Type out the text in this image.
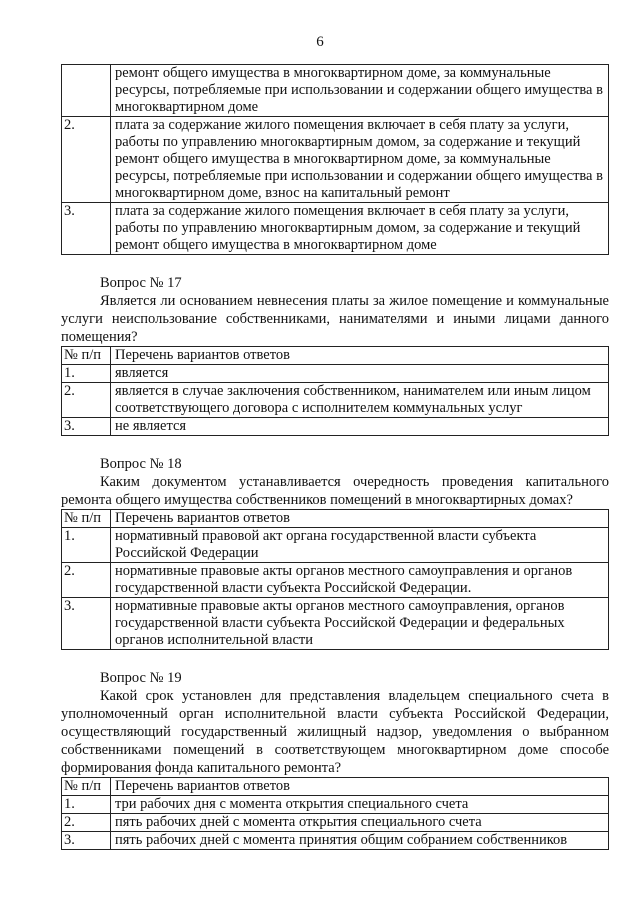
6
	ремонт общего имущества в многоквартирном доме, за коммунальные ресурсы, потребляемые при использовании и содержании общего имущества в многоквартирном доме
2.	плата за содержание жилого помещения включает в себя плату за услуги, работы по управлению многоквартирным домом, за содержание и текущий ремонт общего имущества в многоквартирном доме, за коммунальные ресурсы, потребляемые при использовании и содержании общего имущества в многоквартирном доме, взнос на капитальный ремонт
3.	плата за содержание жилого помещения включает в себя плату за услуги, работы по управлению многоквартирным домом, за содержание и текущий ремонт общего имущества в многоквартирном доме

Вопрос № 17

Является ли основанием невнесения платы за жилое помещение и коммунальные услуги неиспользование собственниками, нанимателями и иными лицами данного помещения?

№ п/п	Перечень вариантов ответов
1.	является
2.	является в случае заключения собственником, нанимателем или иным лицом соответствующего договора с исполнителем коммунальных услуг
3.	не является

Вопрос № 18

Каким документом устанавливается очередность проведения капитального ремонта общего имущества собственников помещений в многоквартирных домах?

№ п/п	Перечень вариантов ответов
1.	нормативный правовой акт органа государственной власти субъекта Российской Федерации
2.	нормативные правовые акты органов местного самоуправления и органов государственной власти субъекта Российской Федерации.
3.	нормативные правовые акты органов местного самоуправления, органов государственной власти субъекта Российской Федерации и федеральных органов исполнительной власти

Вопрос № 19

Какой срок установлен для представления владельцем специального счета в уполномоченный орган исполнительной власти субъекта Российской Федерации, осуществляющий государственный жилищный надзор, уведомления о выбранном собственниками помещений в соответствующем многоквартирном доме способе формирования фонда капитального ремонта?

№ п/п	Перечень вариантов ответов
1.	три рабочих дня с момента открытия специального счета
2.	пять рабочих дней с момента открытия специального счета
3.	пять рабочих дней с момента принятия общим собранием собственников
